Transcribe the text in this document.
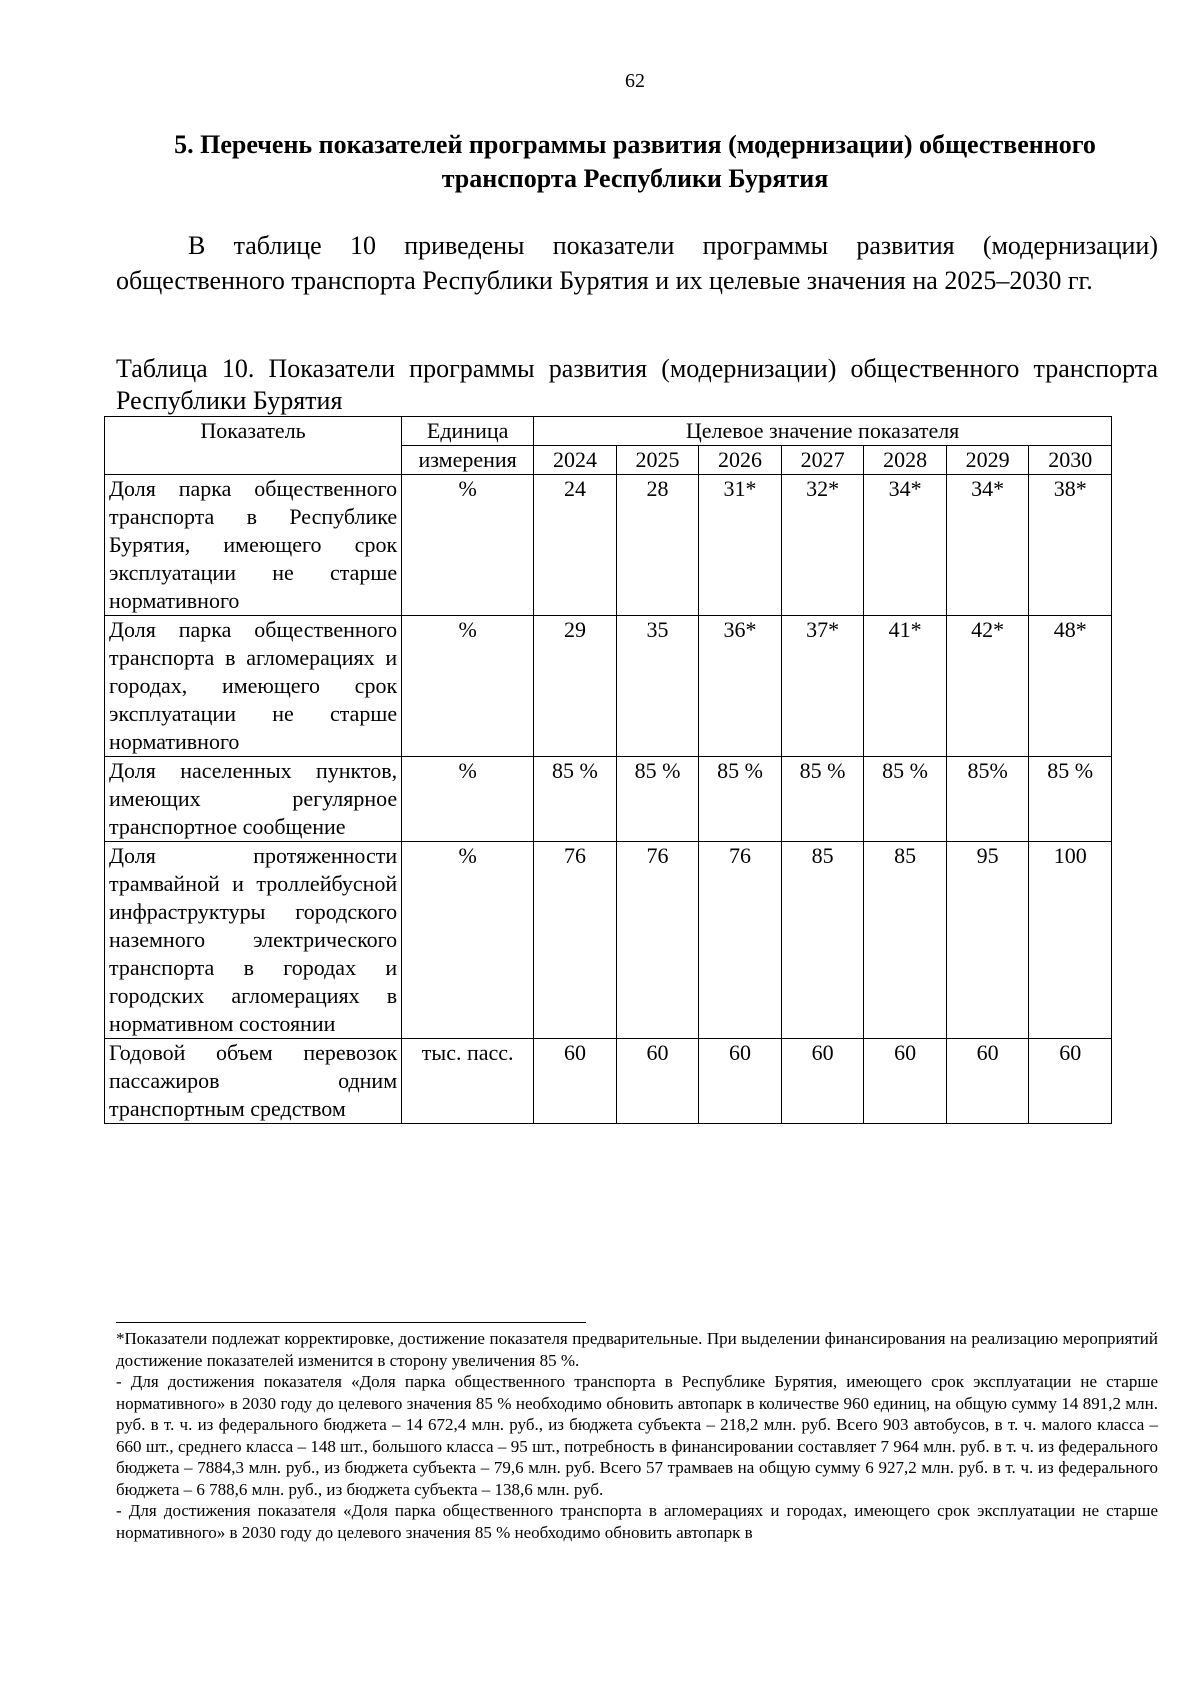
62
5. Перечень показателей программы развития (модернизации) общественного транспорта Республики Бурятия
В таблице 10 приведены показатели программы развития (модернизации) общественного транспорта Республики Бурятия и их целевые значения на 2025–2030 гг.
Таблица 10. Показатели программы развития (модернизации) общественного транспорта Республики Бурятия
Показатель	Единица	Целевое значение показателя						
	измерения	2024	2025	2026	2027	2028	2029	2030
Доля парка общественного транспорта в Республике Бурятия, имеющего срок эксплуатации не старше нормативного	%	24	28	31*	32*	34*	34*	38*
Доля парка общественного транспорта в агломерациях и городах, имеющего срок эксплуатации не старше нормативного	%	29	35	36*	37*	41*	42*	48*
Доля населенных пунктов, имеющих регулярное транспортное сообщение	%	85 %	85 %	85 %	85 %	85 %	85%	85 %
Доля протяженности трамвайной и троллейбусной инфраструктуры городского наземного электрического транспорта в городах и городских агломерациях в нормативном состоянии	%	76	76	76	85	85	95	100
Годовой объем перевозок пассажиров одним транспортным средством	тыс. пасс.	60	60	60	60	60	60	60

*Показатели подлежат корректировке, достижение показателя предварительные. При выделении финансирования на реализацию мероприятий достижение показателей изменится в сторону увеличения 85 %.

- Для достижения показателя «Доля парка общественного транспорта в Республике Бурятия, имеющего срок эксплуатации не старше нормативного» в 2030 году до целевого значения 85 % необходимо обновить автопарк в количестве 960 единиц, на общую сумму 14 891,2 млн. руб. в т. ч. из федерального бюджета – 14 672,4 млн. руб., из бюджета субъекта – 218,2 млн. руб. Всего 903 автобусов, в т. ч. малого класса – 660 шт., среднего класса – 148 шт., большого класса – 95 шт., потребность в финансировании составляет 7 964 млн. руб. в т. ч. из федерального бюджета – 7884,3 млн. руб., из бюджета субъекта – 79,6 млн. руб. Всего 57 трамваев на общую сумму 6 927,2 млн. руб. в т. ч. из федерального бюджета – 6 788,6 млн. руб., из бюджета субъекта – 138,6 млн. руб.

- Для достижения показателя «Доля парка общественного транспорта в агломерациях и городах, имеющего срок эксплуатации не старше нормативного» в 2030 году до целевого значения 85 % необходимо обновить автопарк в
